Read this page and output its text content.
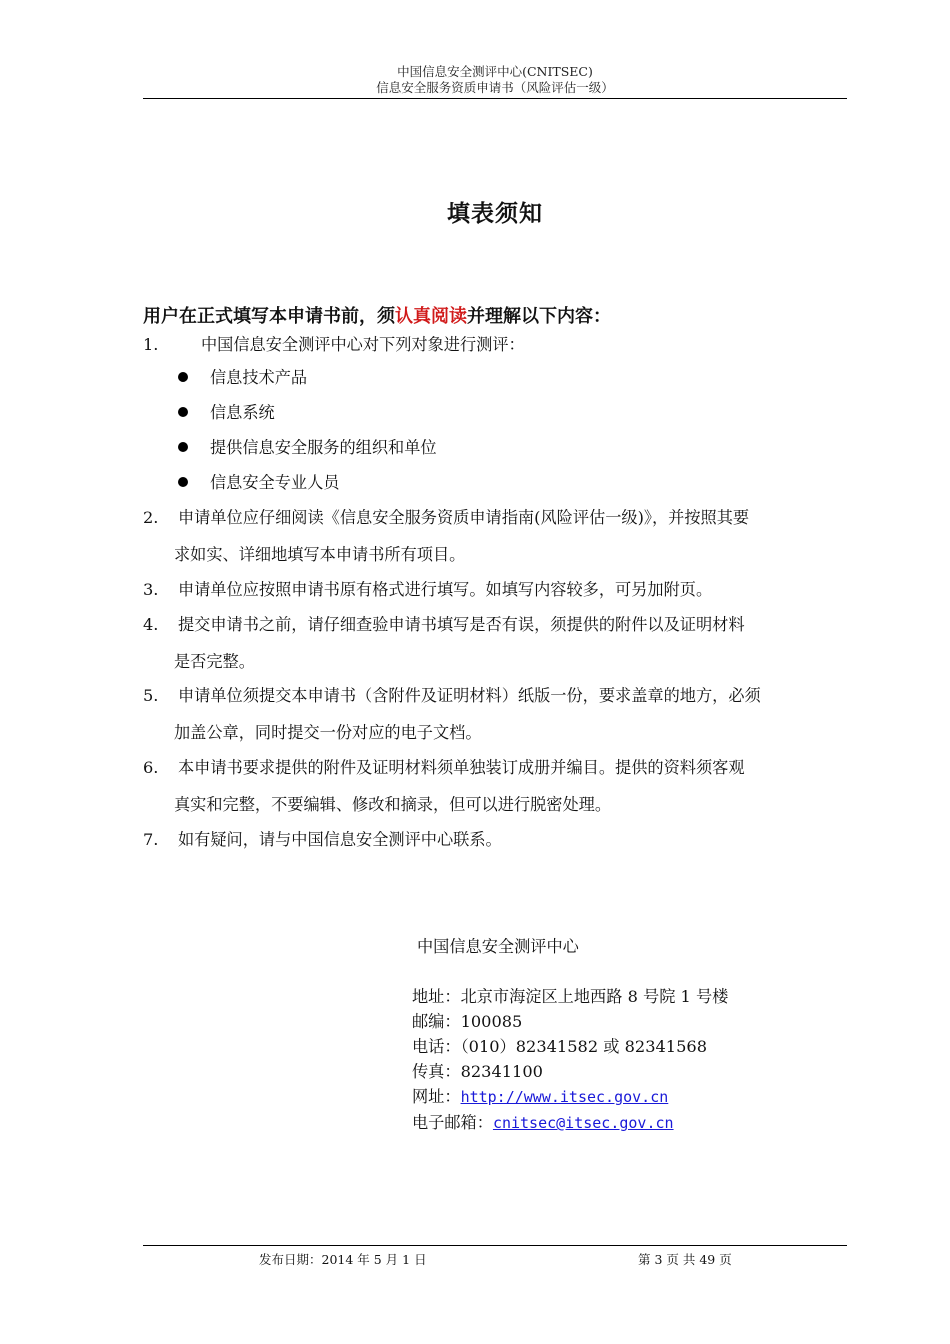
中国信息安全测评中心(CNITSEC)
信息安全服务资质申请书（风险评估一级）
填表须知
用户在正式填写本申请书前，须认真阅读并理解以下内容：
1.	中国信息安全测评中心对下列对象进行测评：
信息技术产品
信息系统
提供信息安全服务的组织和单位
信息安全专业人员
2. 申请单位应仔细阅读《信息安全服务资质申请指南(风险评估一级)》，并按照其要
求如实、详细地填写本申请书所有项目。
3. 申请单位应按照申请书原有格式进行填写。如填写内容较多，可另加附页。
4. 提交申请书之前，请仔细查验申请书填写是否有误，须提供的附件以及证明材料
是否完整。
5. 申请单位须提交本申请书（含附件及证明材料）纸版一份，要求盖章的地方，必须
加盖公章，同时提交一份对应的电子文档。
6. 本申请书要求提供的附件及证明材料须单独装订成册并编目。提供的资料须客观
真实和完整，不要编辑、修改和摘录，但可以进行脱密处理。
7. 如有疑问，请与中国信息安全测评中心联系。
中国信息安全测评中心
地址：北京市海淀区上地西路 8 号院 1 号楼
邮编：100085
电话：（010）82341582 或 82341568
传真：82341100
网址：http://www.itsec.gov.cn
电子邮箱：cnitsec@itsec.gov.cn
发布日期：2014 年 5 月 1 日	第 3 页 共 49 页
